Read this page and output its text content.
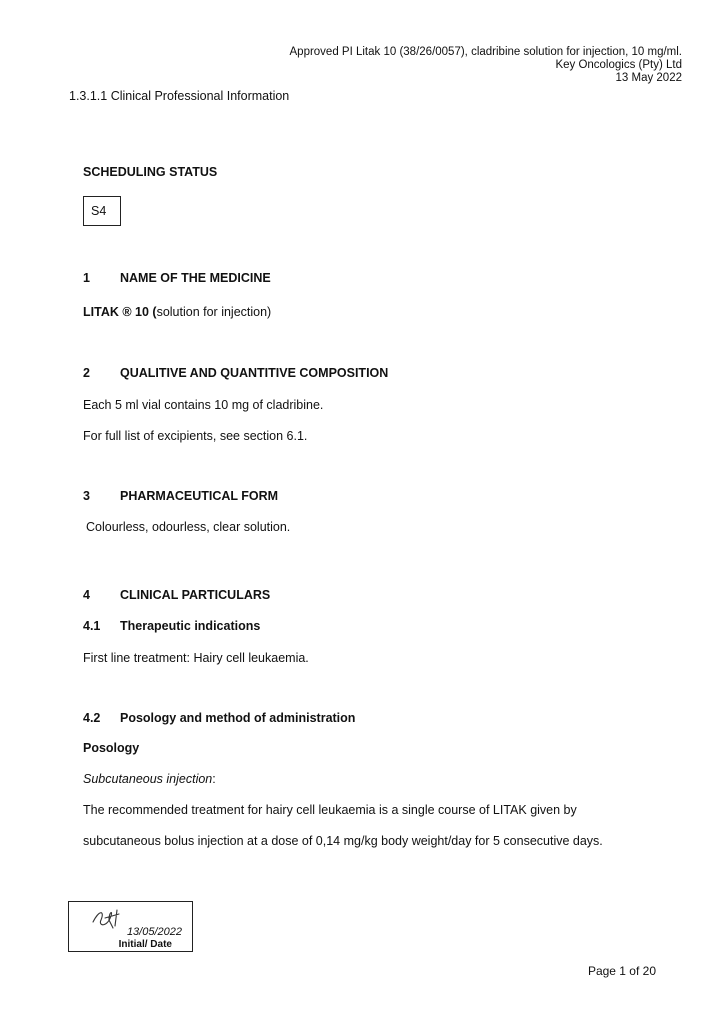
Approved PI Litak 10 (38/26/0057), cladribine solution for injection, 10 mg/ml.
Key Oncologics (Pty) Ltd
13 May 2022
1.3.1.1 Clinical Professional Information
SCHEDULING STATUS
S4
1 NAME OF THE MEDICINE
LITAK ® 10 (solution for injection)
2 QUALITIVE AND QUANTITIVE COMPOSITION
Each 5 ml vial contains 10 mg of cladribine.
For full list of excipients, see section 6.1.
3 PHARMACEUTICAL FORM
Colourless, odourless, clear solution.
4 CLINICAL PARTICULARS
4.1 Therapeutic indications
First line treatment: Hairy cell leukaemia.
4.2 Posology and method of administration
Posology
Subcutaneous injection:
The recommended treatment for hairy cell leukaemia is a single course of LITAK given by
subcutaneous bolus injection at a dose of 0,14 mg/kg body weight/day for 5 consecutive days.
13/05/2022
Initial/ Date
Page 1 of 20
